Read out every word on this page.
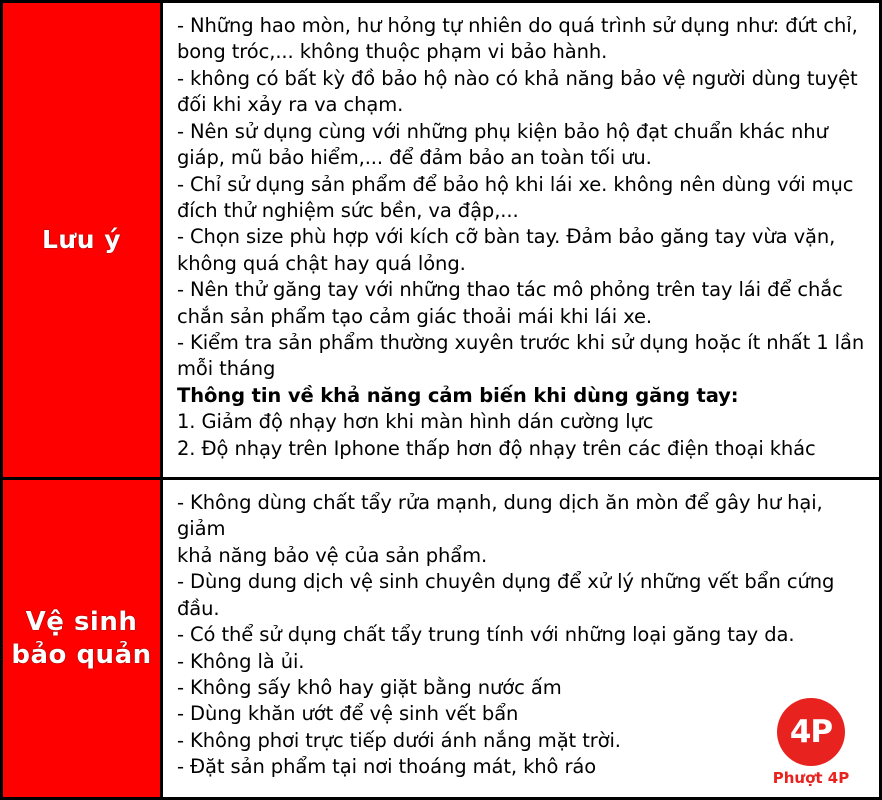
Lưu ý

- Những hao mòn, hư hỏng tự nhiên do quá trình sử dụng như: đứt chỉ,

bong tróc,... không thuộc phạm vi bảo hành.

- không có bất kỳ đồ bảo hộ nào có khả năng bảo vệ người dùng tuyệt

đối khi xảy ra va chạm.

- Nên sử dụng cùng với những phụ kiện bảo hộ đạt chuẩn khác như

giáp, mũ bảo hiểm,... để đảm bảo an toàn tối ưu.

- Chỉ sử dụng sản phẩm để bảo hộ khi lái xe. không nên dùng với mục

đích thử nghiệm sức bền, va đập,...

- Chọn size phù hợp với kích cỡ bàn tay. Đảm bảo găng tay vừa vặn,

không quá chật hay quá lỏng.

- Nên thử găng tay với những thao tác mô phỏng trên tay lái để chắc

chắn sản phẩm tạo cảm giác thoải mái khi lái xe.

- Kiểm tra sản phẩm thường xuyên trước khi sử dụng hoặc ít nhất 1 lần

mỗi tháng

Thông tin về khả năng cảm biến khi dùng găng tay:

1. Giảm độ nhạy hơn khi màn hình dán cường lực

2. Độ nhạy trên Iphone thấp hơn độ nhạy trên các điện thoại khác

Vệ sinh
bảo quản

- Không dùng chất tẩy rửa mạnh, dung dịch ăn mòn để gây hư hại, giảm

khả năng bảo vệ của sản phẩm.

- Dùng dung dịch vệ sinh chuyên dụng để xử lý những vết bẩn cứng

đầu.

- Có thể sử dụng chất tẩy trung tính với những loại găng tay da.

- Không là ủi.

- Không sấy khô hay giặt bằng nước ấm

- Dùng khăn ướt để vệ sinh vết bẩn

- Không phơi trực tiếp dưới ánh nắng mặt trời.

- Đặt sản phẩm tại nơi thoáng mát, khô ráo

4P
Phượt 4P
